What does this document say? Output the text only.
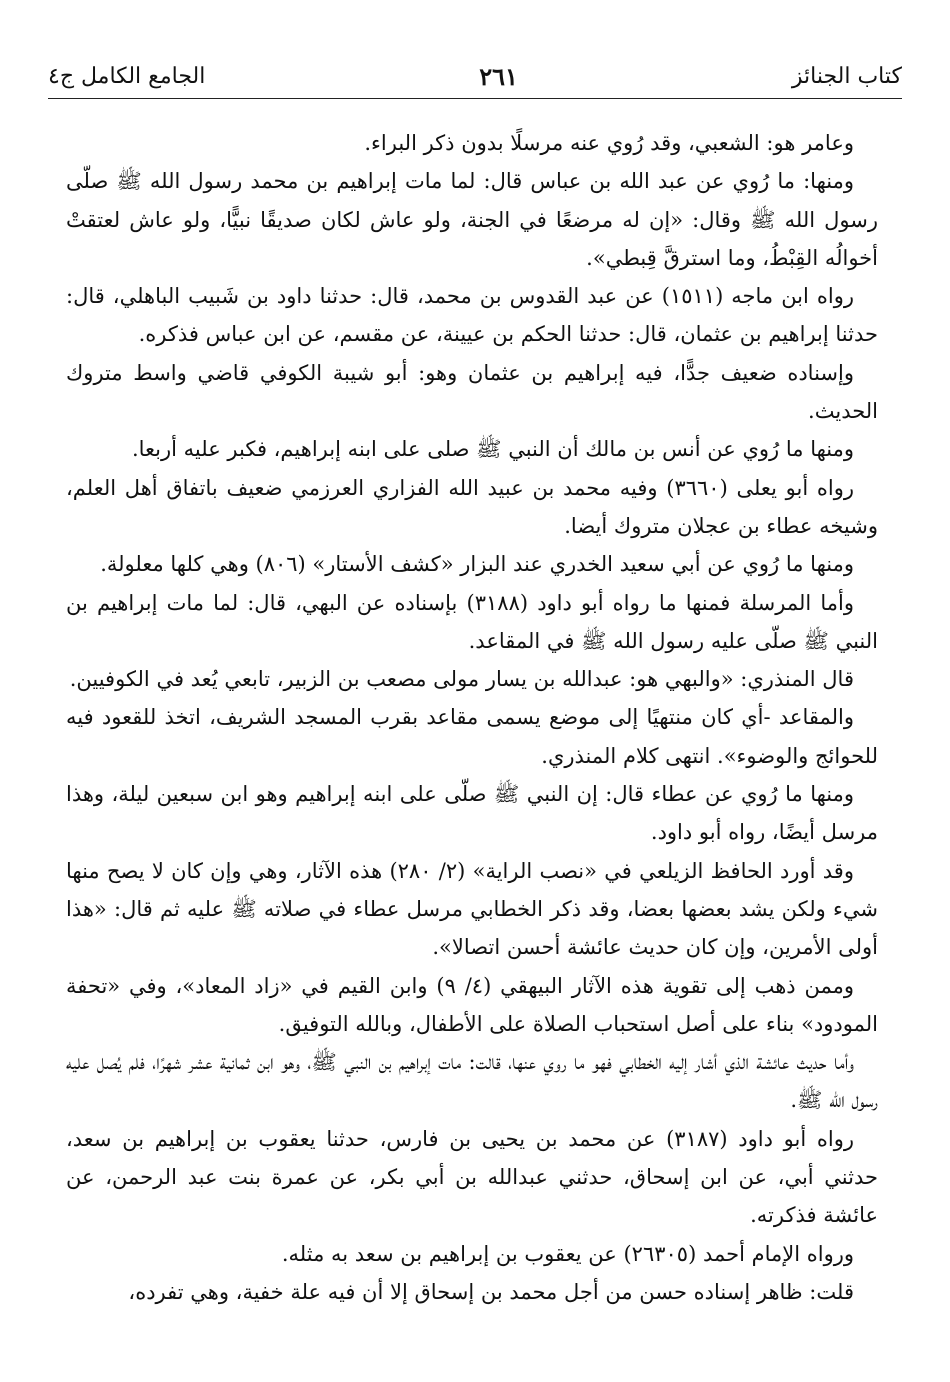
كتاب الجنائز
٢٦١
الجامع الكامل ج٤

وعامر هو: الشعبي، وقد رُوي عنه مرسلًا بدون ذكر البراء.

ومنها: ما رُوي عن عبد الله بن عباس قال: لما مات إبراهيم بن محمد رسول الله ﷺ صلّى رسول الله ﷺ وقال: «إن له مرضعًا في الجنة، ولو عاش لكان صديقًا نبيًّا، ولو عاش لعتقتْ أخوالُه القِبْطُ، وما استرقَّ قِبطي».

رواه ابن ماجه (١٥١١) عن عبد القدوس بن محمد، قال: حدثنا داود بن شَبيب الباهلي، قال: حدثنا إبراهيم بن عثمان، قال: حدثنا الحكم بن عيينة، عن مقسم، عن ابن عباس فذكره.

وإسناده ضعيف جدًّا، فيه إبراهيم بن عثمان وهو: أبو شيبة الكوفي قاضي واسط متروك الحديث.

ومنها ما رُوي عن أنس بن مالك أن النبي ﷺ صلى على ابنه إبراهيم، فكبر عليه أربعا.

رواه أبو يعلى (٣٦٦٠) وفيه محمد بن عبيد الله الفزاري العرزمي ضعيف باتفاق أهل العلم، وشيخه عطاء بن عجلان متروك أيضا.

ومنها ما رُوي عن أبي سعيد الخدري عند البزار «كشف الأستار» (٨٠٦) وهي كلها معلولة.

وأما المرسلة فمنها ما رواه أبو داود (٣١٨٨) بإسناده عن البهي، قال: لما مات إبراهيم بن النبي ﷺ صلّى عليه رسول الله ﷺ في المقاعد.

قال المنذري: «والبهي هو: عبدالله بن يسار مولى مصعب بن الزبير، تابعي يُعد في الكوفيين.

والمقاعد -أي كان منتهيًا إلى موضع يسمى مقاعد بقرب المسجد الشريف، اتخذ للقعود فيه للحوائج والوضوء». انتهى كلام المنذري.

ومنها ما رُوي عن عطاء قال: إن النبي ﷺ صلّى على ابنه إبراهيم وهو ابن سبعين ليلة، وهذا مرسل أيضًا، رواه أبو داود.

وقد أورد الحافظ الزيلعي في «نصب الراية» (٢/ ٢٨٠) هذه الآثار، وهي وإن كان لا يصح منها شيء ولكن يشد بعضها بعضا، وقد ذكر الخطابي مرسل عطاء في صلاته ﷺ عليه ثم قال: «هذا أولى الأمرين، وإن كان حديث عائشة أحسن اتصالا».

وممن ذهب إلى تقوية هذه الآثار البيهقي (٤/ ٩) وابن القيم في «زاد المعاد»، وفي «تحفة المودود» بناء على أصل استحباب الصلاة على الأطفال، وبالله التوفيق.

وأما حديث عائشة الذي أشار إليه الخطابي فهو ما روي عنها، قالت: مات إبراهيم بن النبي ﷺ، وهو ابن ثمانية عشر شهرًا، فلم يُصل عليه رسول الله ﷺ.

رواه أبو داود (٣١٨٧) عن محمد بن يحيى بن فارس، حدثنا يعقوب بن إبراهيم بن سعد، حدثني أبي، عن ابن إسحاق، حدثني عبدالله بن أبي بكر، عن عمرة بنت عبد الرحمن، عن عائشة فذكرته.

ورواه الإمام أحمد (٢٦٣٠٥) عن يعقوب بن إبراهيم بن سعد به مثله.

قلت: ظاهر إسناده حسن من أجل محمد بن إسحاق إلا أن فيه علة خفية، وهي تفرده،
